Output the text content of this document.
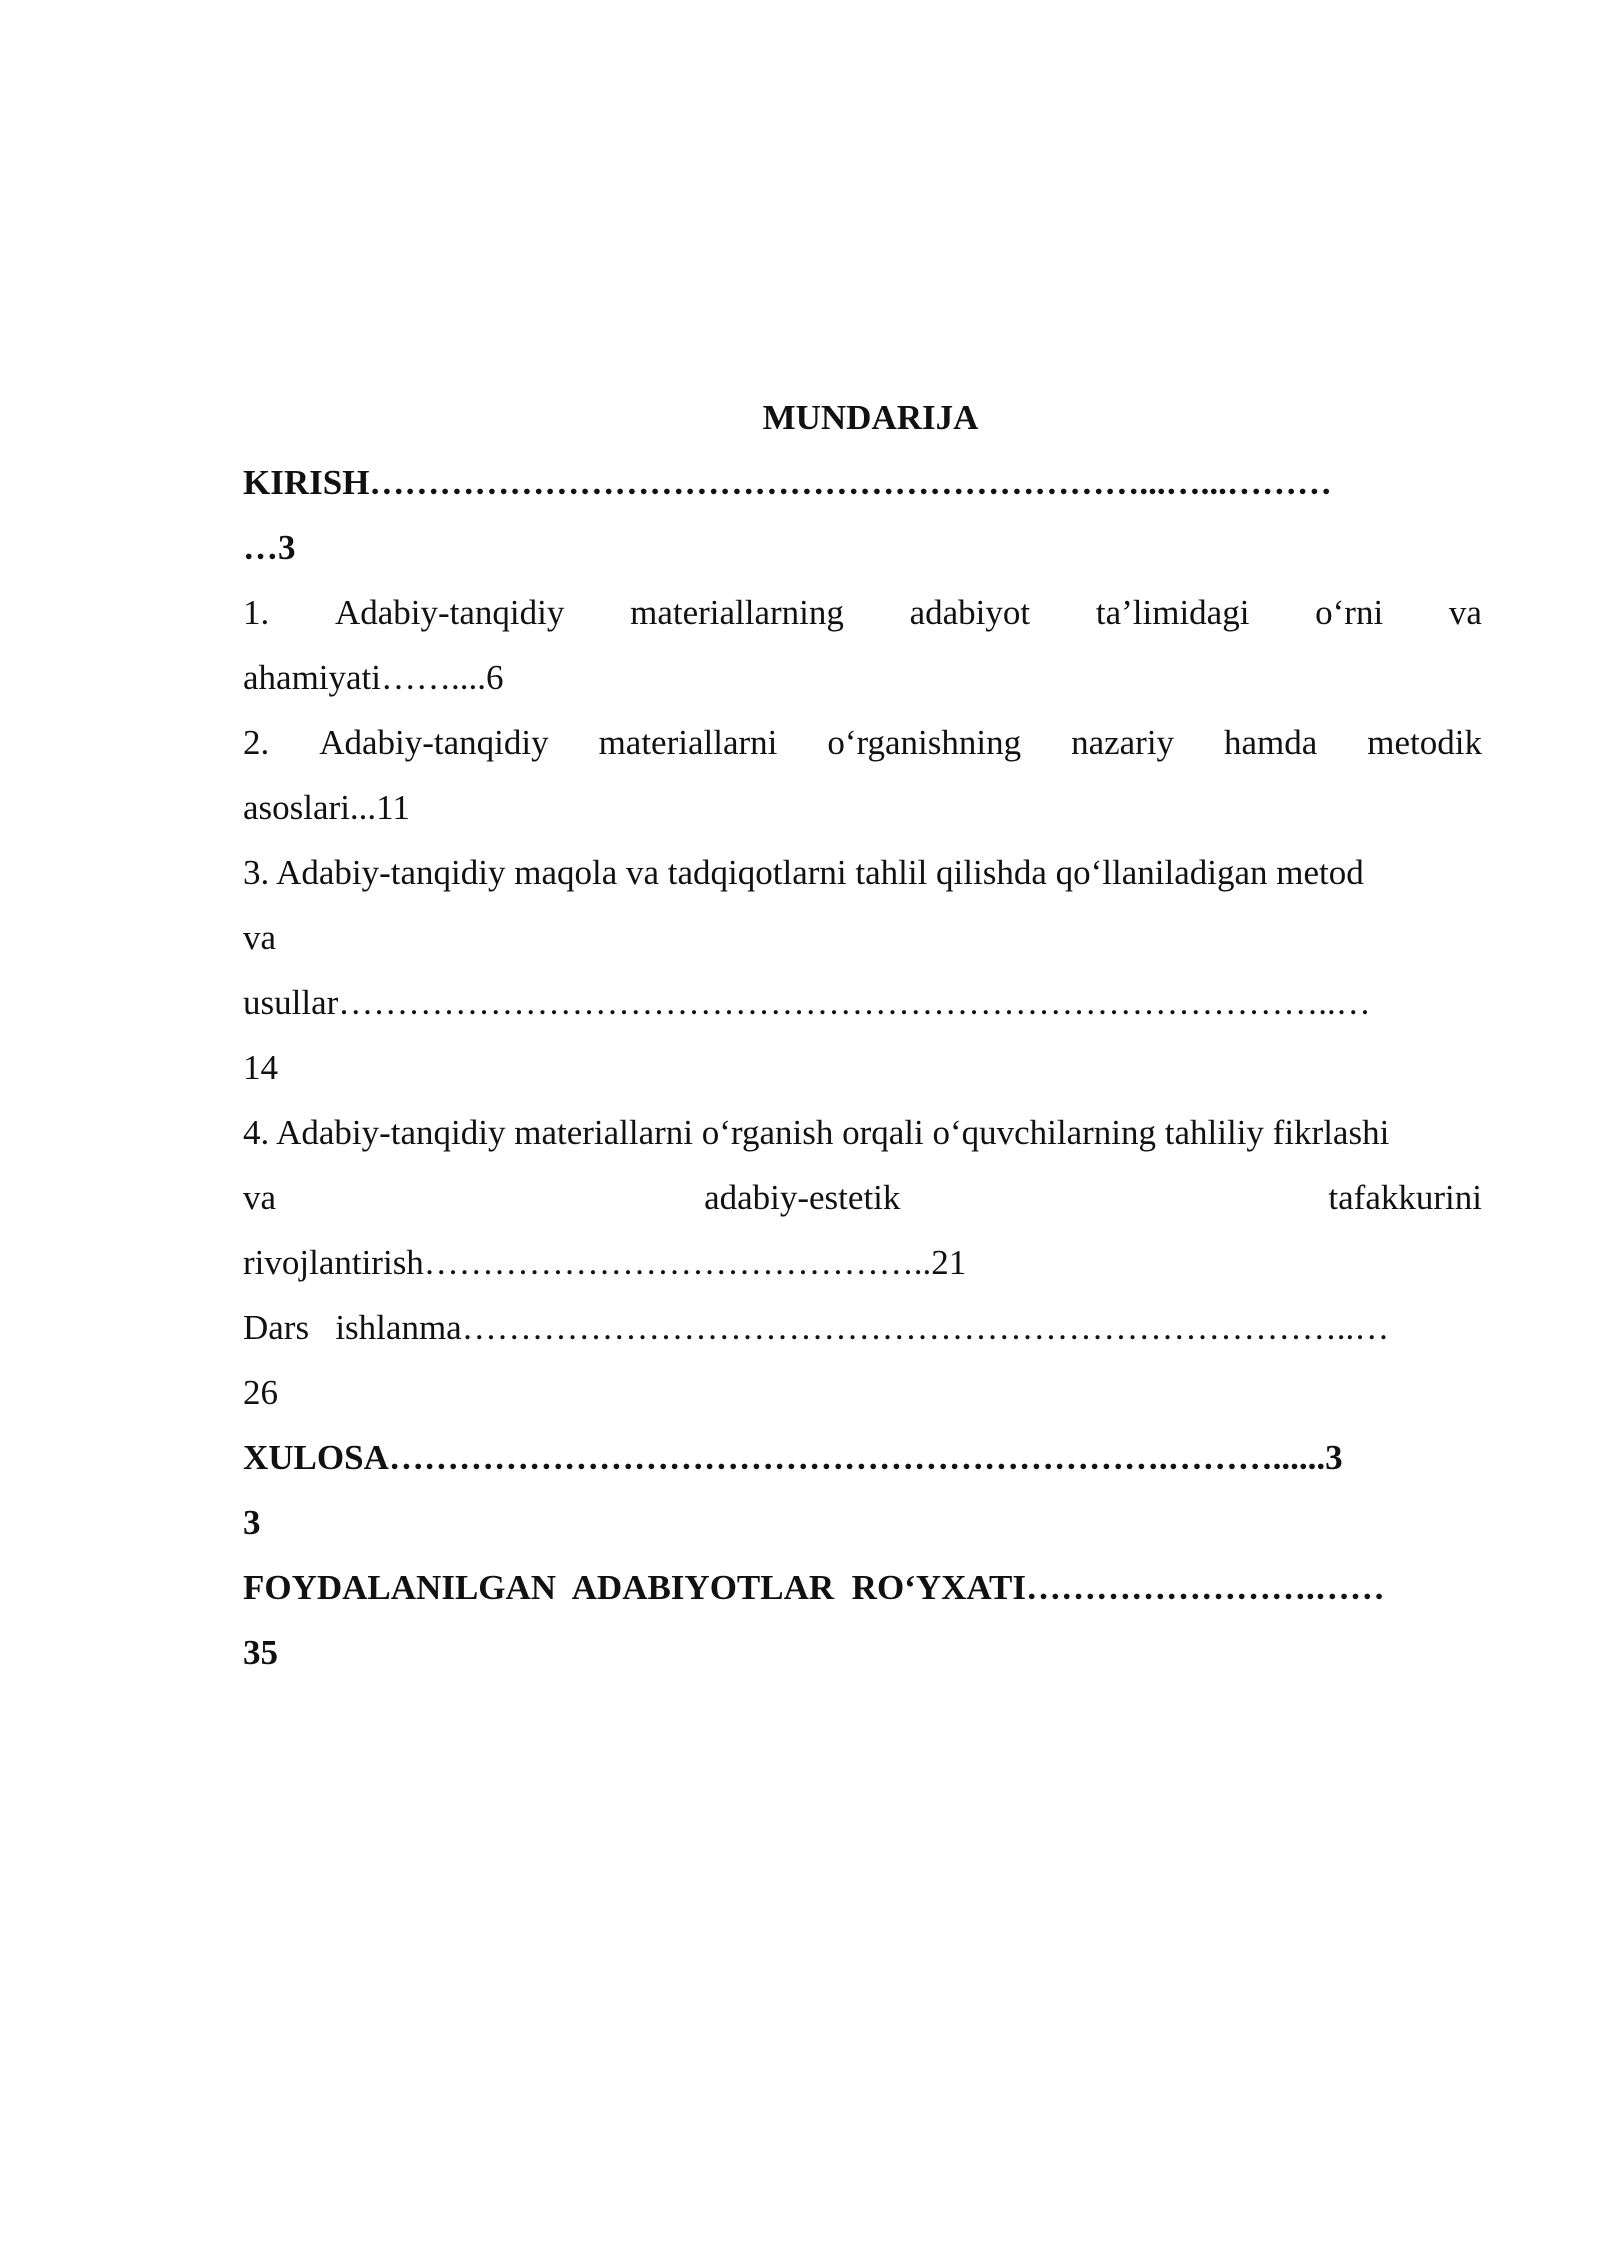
MUNDARIJA

KIRISH…………………………………………………………...…...………

…3

1. Adabiy-tanqidiy materiallarning adabiyot ta’limidagi o‘rni va

ahamiyati……....6

2. Adabiy-tanqidiy materiallarni o‘rganishning nazariy hamda metodik

asoslari...11

3. Adabiy-tanqidiy maqola va tadqiqotlarni tahlil qilishda qo‘llaniladigan metod

va

usullar…………………………………………………………………………..…

14

4. Adabiy-tanqidiy materiallarni o‘rganish orqali o‘quvchilarning tahliliy fikrlashi

va	adabiy-estetik	tafakkurini

rivojlantirish……………………………………..21

Dars   ishlanma…………………………………………………………………..…

26

XULOSA………………………………………………………….………......3

3

FOYDALANILGAN  ADABIYOTLAR  RO‘YXATI…………………….……

35
